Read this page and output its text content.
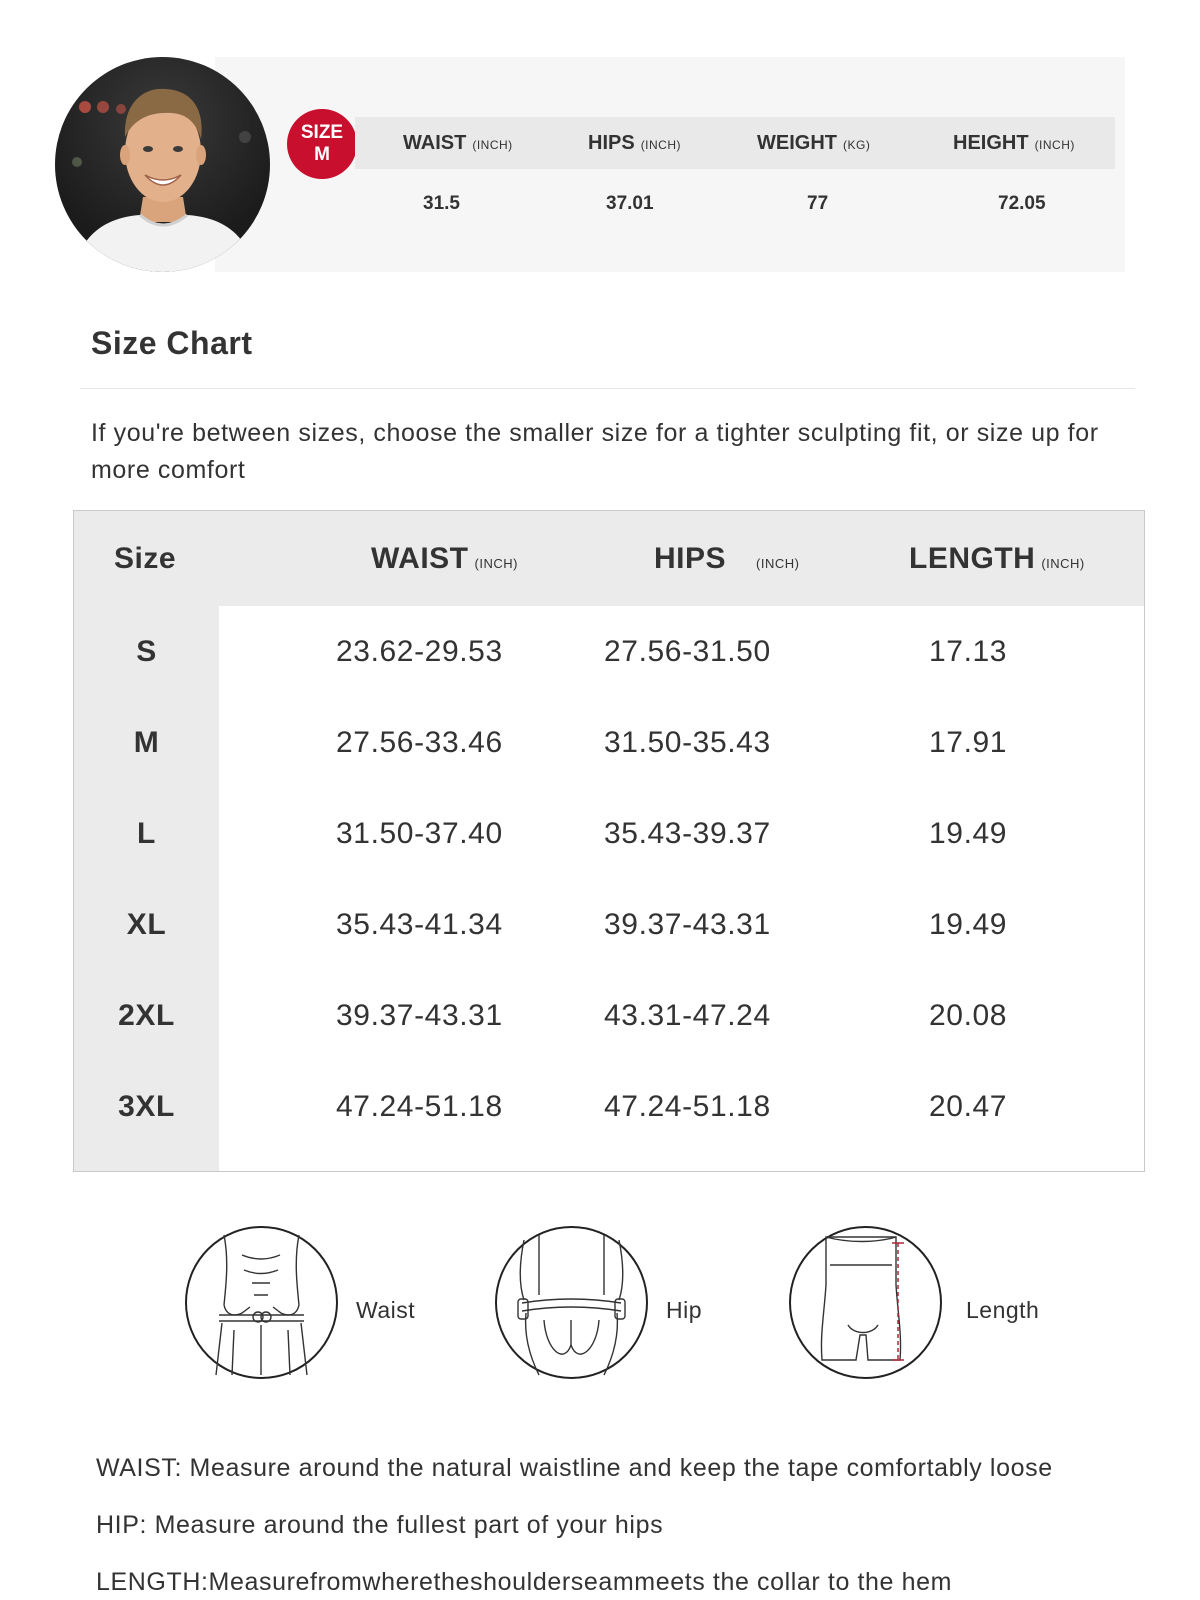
SIZE
M
WAIST (INCH)	HIPS (INCH)	WEIGHT (KG)	HEIGHT (INCH)
31.5	37.01	77	72.05
Size Chart
If you're between sizes, choose the smaller size for a tighter sculpting fit, or size up for more comfort
Size	WAIST (INCH)	HIPS (INCH)	LENGTH (INCH)
S	23.62-29.53	27.56-31.50	17.13
M	27.56-33.46	31.50-35.43	17.91
L	31.50-37.40	35.43-39.37	19.49
XL	35.43-41.34	39.37-43.31	19.49
2XL	39.37-43.31	43.31-47.24	20.08
3XL	47.24-51.18	47.24-51.18	20.47
Waist	Hip	Length
WAIST: Measure around the natural waistline and keep the tape comfortably loose
HIP: Measure around the fullest part of your hips
LENGTH:Measurefromwheretheshoulderseammeets the collar to the hem
